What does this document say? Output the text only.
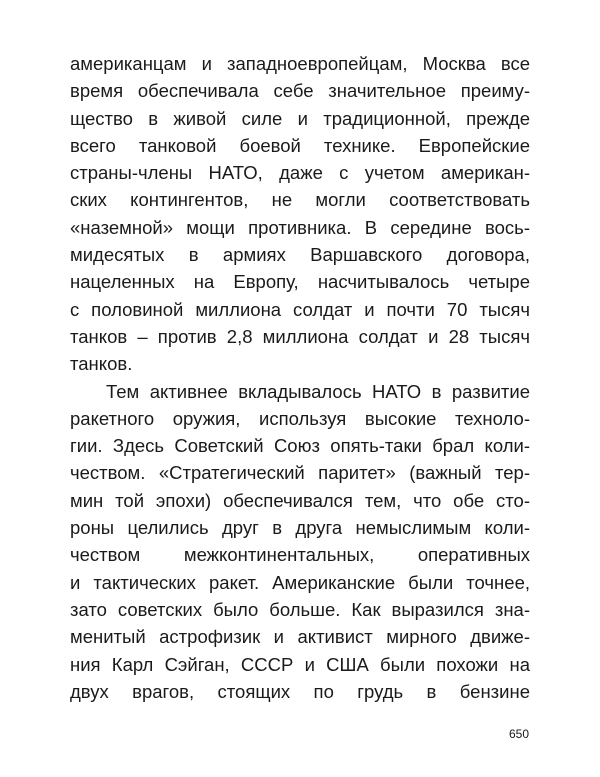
американцам и западноевропейцам, Москва все
время обеспечивала себе значительное преиму-
щество в живой силе и традиционной, прежде
всего танковой боевой технике. Европейские
страны-члены НАТО, даже с учетом американ-
ских контингентов, не могли соответствовать
«наземной» мощи противника. В середине вось-
мидесятых в армиях Варшавского договора,
нацеленных на Европу, насчитывалось четыре
с половиной миллиона солдат и почти 70 тысяч
танков – против 2,8 миллиона солдат и 28 тысяч
танков.
Тем активнее вкладывалось НАТО в развитие
ракетного оружия, используя высокие техноло-
гии. Здесь Советский Союз опять-таки брал коли-
чеством. «Стратегический паритет» (важный тер-
мин той эпохи) обеспечивался тем, что обе сто-
роны целились друг в друга немыслимым коли-
чеством межконтинентальных, оперативных
и тактических ракет. Американские были точнее,
зато советских было больше. Как выразился зна-
менитый астрофизик и активист мирного движе-
ния Карл Сэйган, СССР и США были похожи на
двух врагов, стоящих по грудь в бензине
650
